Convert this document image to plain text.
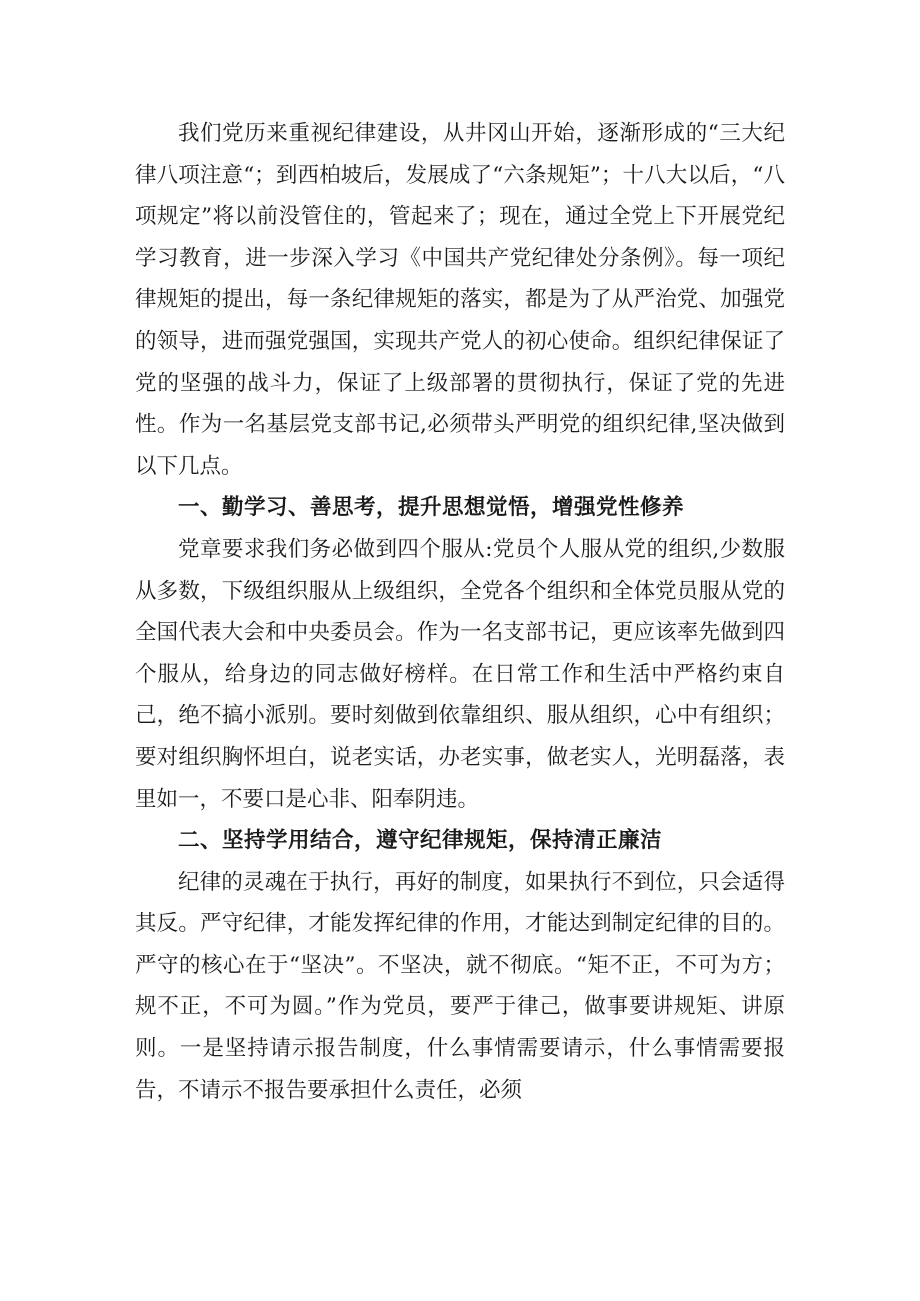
我们党历来重视纪律建设，从井冈山开始，逐渐形成的“三大纪律八项注意“；到西柏坡后，发展成了“六条规矩”；十八大以后，“八项规定”将以前没管住的，管起来了；现在，通过全党上下开展党纪学习教育，进一步深入学习《中国共产党纪律处分条例》。每一项纪律规矩的提出，每一条纪律规矩的落实，都是为了从严治党、加强党的领导，进而强党强国，实现共产党人的初心使命。组织纪律保证了党的坚强的战斗力，保证了上级部署的贯彻执行，保证了党的先进性。作为一名基层党支部书记,必须带头严明党的组织纪律,坚决做到以下几点。

一、勤学习、善思考，提升思想觉悟，增强党性修养

党章要求我们务必做到四个服从:党员个人服从党的组织,少数服从多数，下级组织服从上级组织，全党各个组织和全体党员服从党的全国代表大会和中央委员会。作为一名支部书记，更应该率先做到四个服从，给身边的同志做好榜样。在日常工作和生活中严格约束自己，绝不搞小派别。要时刻做到依靠组织、服从组织，心中有组织；要对组织胸怀坦白，说老实话，办老实事，做老实人，光明磊落，表里如一，不要口是心非、阳奉阴违。

二、坚持学用结合，遵守纪律规矩，保持清正廉洁

纪律的灵魂在于执行，再好的制度，如果执行不到位，只会适得其反。严守纪律，才能发挥纪律的作用，才能达到制定纪律的目的。严守的核心在于“坚决”。不坚决，就不彻底。“矩不正，不可为方；规不正，不可为圆。”作为党员，要严于律己，做事要讲规矩、讲原则。一是坚持请示报告制度，什么事情需要请示，什么事情需要报告，不请示不报告要承担什么责任，必须
